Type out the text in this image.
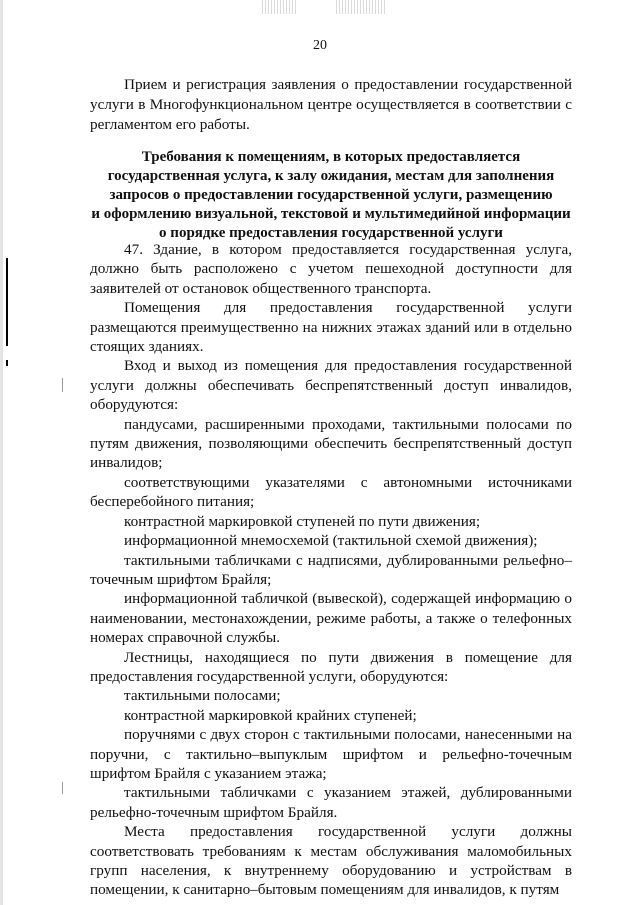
20

Прием и регистрация заявления о предоставлении государственной услуги в Многофункциональном центре осуществляется в соответствии с регламентом его работы.

Требования к помещениям, в которых предоставляется
государственная услуга, к залу ожидания, местам для заполнения
запросов о предоставлении государственной услуги, размещению
и оформлению визуальной, текстовой и мультимедийной информации
о порядке предоставления государственной услуги

47. Здание, в котором предоставляется государственная услуга, должно быть расположено с учетом пешеходной доступности для заявителей от остановок общественного транспорта.

Помещения для предоставления государственной услуги размещаются преимущественно на нижних этажах зданий или в отдельно стоящих зданиях.

Вход и выход из помещения для предоставления государственной услуги должны обеспечивать беспрепятственный доступ инвалидов, оборудуются:

пандусами, расширенными проходами, тактильными полосами по путям движения, позволяющими обеспечить беспрепятственный доступ инвалидов;

соответствующими указателями с автономными источниками бесперебойного питания;

контрастной маркировкой ступеней по пути движения;

информационной мнемосхемой (тактильной схемой движения);

тактильными табличками с надписями, дублированными рельефно–точечным шрифтом Брайля;

информационной табличкой (вывеской), содержащей информацию о наименовании, местонахождении, режиме работы, а также о телефонных номерах справочной службы.

Лестницы, находящиеся по пути движения в помещение для предоставления государственной услуги, оборудуются:

тактильными полосами;

контрастной маркировкой крайних ступеней;

поручнями с двух сторон с тактильными полосами, нанесенными на поручни, с тактильно–выпуклым шрифтом и рельефно-точечным шрифтом Брайля с указанием этажа;

тактильными табличками с указанием этажей, дублированными рельефно-точечным шрифтом Брайля.

Места предоставления государственной услуги должны соответствовать требованиям к местам обслуживания маломобильных групп населения, к внутреннему оборудованию и устройствам в помещении, к санитарно–бытовым помещениям для инвалидов, к путям
